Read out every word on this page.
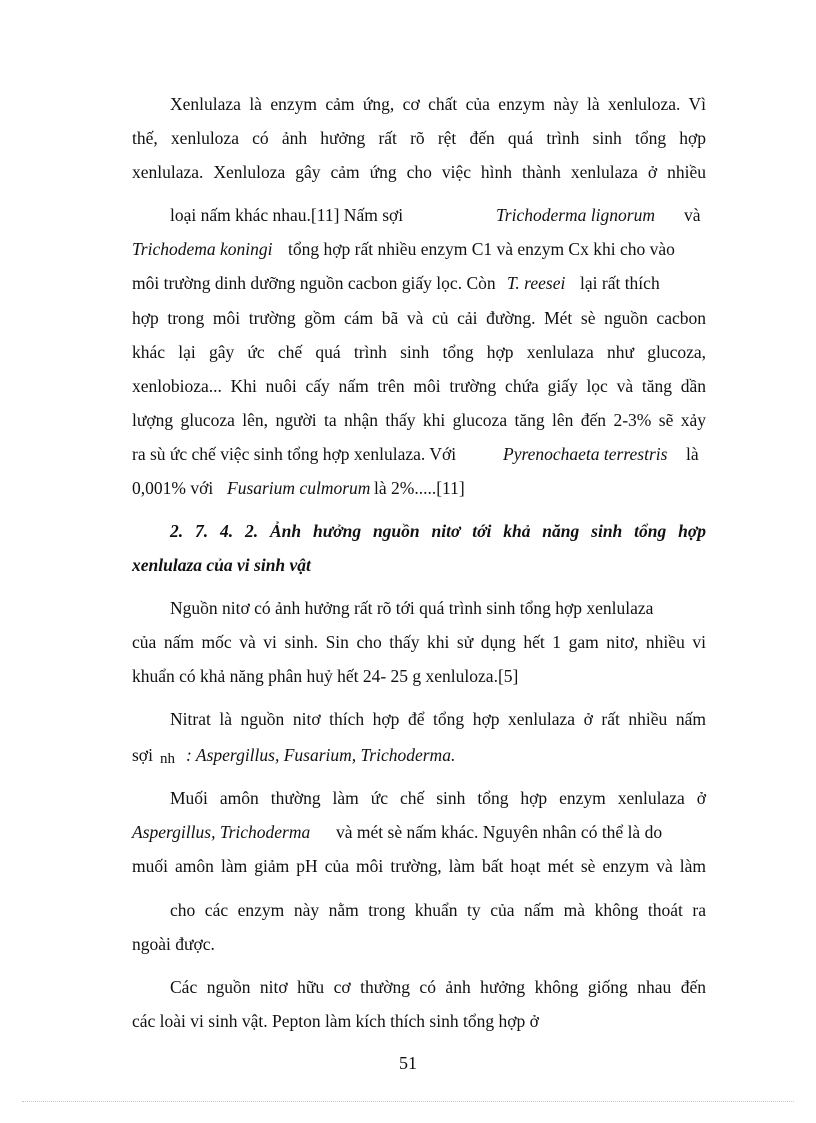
Xenlulaza là enzym cảm ứng, cơ chất của enzym này là xenluloza. Vì
thế, xenluloza có ảnh hưởng rất rõ rệt đến quá trình sinh tổng hợp
xenlulaza. Xenluloza gây cảm ứng cho việc hình thành xenlulaza ở nhiều
loại nấm khác nhau.[11] Nấm sợi	Trichoderma lignorum và
Trichodema koningi tổng hợp rất nhiều enzym C1 và enzym Cx khi cho vào
môi trường dinh dưỡng nguồn cacbon giấy lọc. Còn T. reesei lại rất thích
hợp trong môi trường gồm cám bã và củ cải đường. Mét sè nguồn cacbon
khác lại gây ức chế quá trình sinh tổng hợp xenlulaza như glucoza,
xenlobioza... Khi nuôi cấy nấm trên môi trường chứa giấy lọc và tăng dần
lượng glucoza lên, người ta nhận thấy khi glucoza tăng lên đến 2-3% sẽ xảy
ra sù ức chế việc sinh tổng hợp xenlulaza. Với	Pyrenochaeta terrestris là
0,001% với Fusarium culmorum là 2%.....[11]
2. 7. 4. 2. Ảnh hưởng nguồn nitơ tới khả năng sinh tổng hợp
xenlulaza của vi sinh vật
Nguồn nitơ có ảnh hưởng rất rõ tới quá trình sinh tổng hợp xenlulaza
của nấm mốc và vi sinh. Sin cho thấy khi sử dụng hết 1 gam nitơ, nhiều vi
khuẩn có khả năng phân huỷ hết 24- 25 g xenluloza.[5]
Nitrat là nguồn nitơ thích hợp để tổng hợp xenlulaza ở rất nhiều nấm
sợi nh : Aspergillus, Fusarium, Trichoderma.
Muối amôn thường làm ức chế sinh tổng hợp enzym xenlulaza ở
Aspergillus, Trichoderma và mét sè nấm khác. Nguyên nhân có thể là do
muối amôn làm giảm pH của môi trường, làm bất hoạt mét sè enzym và làm
cho các enzym này nằm trong khuẩn ty của nấm mà không thoát ra
ngoài được.
Các nguồn nitơ hữu cơ thường có ảnh hưởng không giống nhau đến
các loài vi sinh vật. Pepton làm kích thích sinh tổng hợp ở
51
